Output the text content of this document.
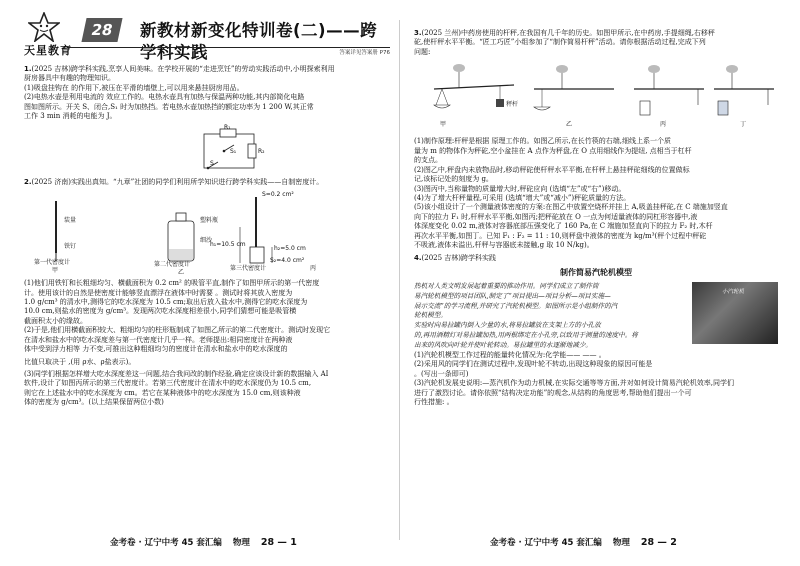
天星教育
28	新教材新变化特训卷(二)——跨学科实践	答案详见答案册 P76

1.(2025 吉林)跨学科实践,烹享人间美味。在学校开展的“走进烹饪”的劳动实践活动中,小明探索利用

厨房器具中有趣的物理知识。

(1)吸盘挂钩在 的作用下,被压在平滑的墙壁上,可以用来悬挂厨房用品。

(2)电热水壶是利用电流的 效应工作的。电热水壶具有加热与保温两种功能,其内部简化电路

图如图所示。开关 S、闭合,S₁ 时为加热挡。若电热水壶加热挡的额定功率为 1 200 W,其正常

工作 3 min 消耗的电能为 J。

R₁
R₂
S₁
S

2.(2025 济南)实践出真知。“九章”社团的同学们利用所学知识进行跨学科实践——自制密度计。

装量
铁钉
塑料瓶
细沙
S=0.2 cm²
h₁=10.5 cm
h₂=5.0 cm
S₂=4.0 cm²
第一代密度计	第二代密度计
第三代密度计
甲	乙
丙

(1)他们用铁钉和长粗细均匀、横截面积为 0.2 cm² 的吸管平直,制作了如图甲所示的第一代密度

计。使用该计的自然是使密度计能够竖直漂浮在液体中时需要 。测试时将其放入密度为

1.0 g/cm³ 的清水中,测得它的吃水深度为 10.5 cm;取出后放入盐水中,测得它的吃水深度为

10.0 cm,则盐水的密度为 g/cm³。发现两次吃水深度相差很小,同学们猜想可能是吸管横

截面积太小的缘故。

(2)于是,他们用横截面积较大、粗细均匀的柱形瓶制成了如图乙所示的第二代密度计。测试时发现它

在清水和盐水中的吃水深度差与第一代密度计几乎一样。老师提出:相同密度计在两种液

体中受到浮力相等 力不变,可推出这种粗细均匀的密度计在清水和盐水中的吃水深度的

比值只取决于 ,(用 ρ水、ρ盐表示)。

(3)同学们根据怎样增大吃水深度差这一问题,结合我问改的制作经验,确定应该设计新的数据输入 AI

软件,设计了如图丙所示的第三代密度计。若第三代密度计在清水中的吃水深度仍为 10.5 cm,

则它在上述盐水中的吃水深度为 cm。若它在某种液体中的吃水深度为 15.0 cm,则该种液

体的密度为 g/cm³。(以上结果保留两位小数)

金考卷 · 辽宁中考 45 套汇编 物理 28 — 1

3.(2025 兰州)中药房使用的杆秤,在我国有几千年的历史。如图甲所示,在中药房,手提细绳,右移秤

砣,使杆秤水平平衡。“匠工巧匠”小组参加了“制作简易杆秤”活动。请你根据活动过程,完成下列

问题:

秤杆
甲	乙	丙	丁

(1)制作原理:杆秤是根据 原理工作的。如图乙所示,在长竹筷的右端,细线上系一个质

量为 m 的物体作为秤砣,空小盆挂在 A 点作为秤盘,在 O 点用细线作为提纽, 点相当于杠杆

的支点。

(2)图乙中,秤盘内未放物品时,移动秤砣使杆秤水平平衡,在杆秤上悬挂秤砣细线的位置做标

记,该标记处的刻度为 g。

(3)图丙中,当称量物的质量增大时,秤砣应向 (选填“左”或“右”)移动。

(4)为了增大杆秤量程,可采用 (选填“增大”或“减小”)秤砣质量的方法。

(5)该小组设计了一个测量液体密度的方案:在图乙中放置空烧杯并挂上 A,吸盖挂秤砣,在 C 端施加竖直

向下的拉力 F₁ 时,杆秤水平平衡,如图丙;把秤砣放在 O 一点为何适量液体的同杠形容器中,液

体深度变化 0.02 m,液体对容器底部压强变化了 160 Pa,在 C 端施加竖直向下的拉力 F₂ 时,木杆

再次水平平衡,如图丁。已知 F₁ : F₂ = 11 : 10,则秤盘中液体的密度为 kg/m³(秤个过程中秤砣

不吸液,液体未溢出,杆秤与容器底未接触,g 取 10 N/kg)。

4.(2025 吉林)跨学科实践

制作简易汽轮机模型
小汽轮机

热机对人类文明发展起着重要的推动作用。同学们成立了制作简

易汽轮机模型的项目团队,制定了“项目提出—项目分析—项目实施—

展示交流”的学习流程,并研究了汽轮机模型。如图所示是小组制作的汽

轮机模型。

实验时向易拉罐内倒入少量的水,将易拉罐放在支架上方的小孔放

的,再用酒精灯对易拉罐加热,用两根绑定在小孔旁,以致用于测量的速度中。将

出来的风吹向叶轮并使叶轮转动。易拉罐里的水逐渐地减少。

(1)汽轮机模型工作过程的能量转化情况为:化学能—— —— 。

(2)采用风的同学们在测试过程中,发现叶轮不转动,出现这种现象的原因可能是

。(写出一条即可)

(3)汽轮机发展史说明:—蒸汽机作为动力机械,在实际交通等等方面,并对如何设计简易汽轮机效率,同学们

进行了激烈讨论。请你依照“结构决定功能”的观念,从结构的角度思考,帮助他们提出一个可

行性措施: 。

金考卷 · 辽宁中考 45 套汇编 物理 28 — 2
